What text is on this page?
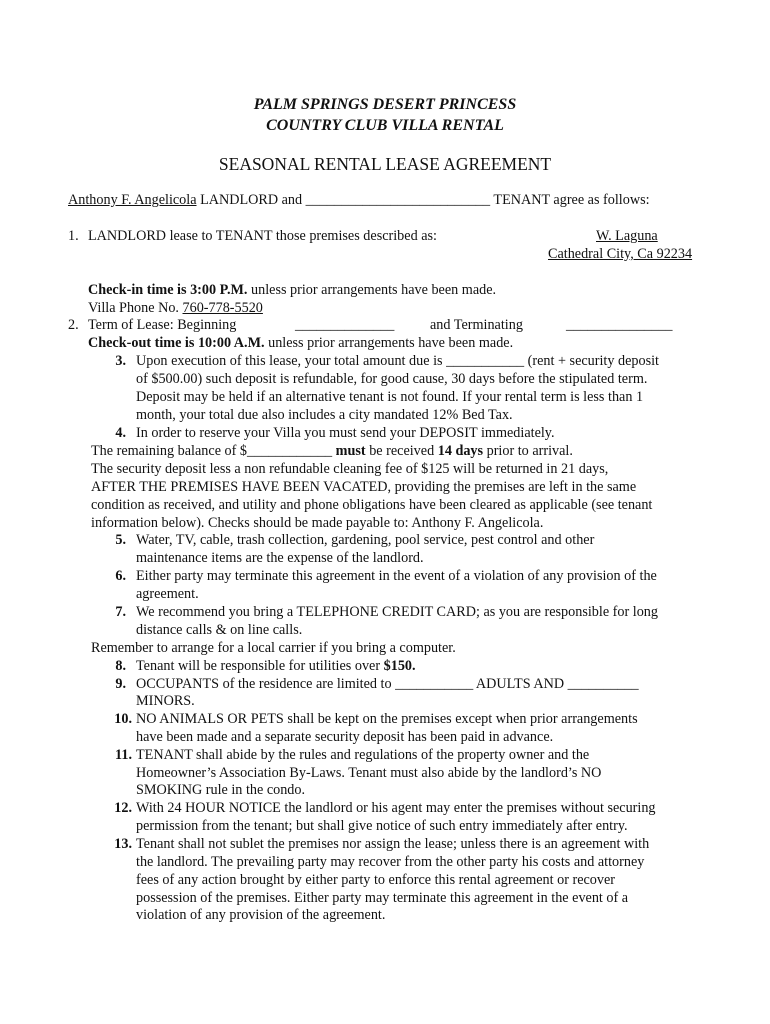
PALM SPRINGS DESERT PRINCESS
COUNTRY CLUB VILLA RENTAL
SEASONAL RENTAL LEASE AGREEMENT
Anthony F. Angelicola LANDLORD and __________________________ TENANT agree as follows:
1. LANDLORD lease to TENANT those premises described as:	W. Laguna
Cathedral City, Ca 92234
Check-in time is 3:00 P.M. unless prior arrangements have been made.
Villa Phone No. 760-778-5520
2. Term of Lease: Beginning	______________	and Terminating	_______________
Check-out time is 10:00 A.M. unless prior arrangements have been made.
3. Upon execution of this lease, your total amount due is ___________ (rent + security deposit
of $500.00) such deposit is refundable, for good cause, 30 days before the stipulated term.
Deposit may be held if an alternative tenant is not found. If your rental term is less than 1
month, your total due also includes a city mandated 12% Bed Tax.
4. In order to reserve your Villa you must send your DEPOSIT immediately.
The remaining balance of $____________ must be received 14 days prior to arrival.
The security deposit less a non refundable cleaning fee of $125 will be returned in 21 days,
AFTER THE PREMISES HAVE BEEN VACATED, providing the premises are left in the same
condition as received, and utility and phone obligations have been cleared as applicable (see tenant
information below). Checks should be made payable to: Anthony F. Angelicola.
5. Water, TV, cable, trash collection, gardening, pool service, pest control and other
maintenance items are the expense of the landlord.
6. Either party may terminate this agreement in the event of a violation of any provision of the
agreement.
7. We recommend you bring a TELEPHONE CREDIT CARD; as you are responsible for long
distance calls & on line calls.
Remember to arrange for a local carrier if you bring a computer.
8. Tenant will be responsible for utilities over $150.
9. OCCUPANTS of the residence are limited to ___________ ADULTS AND __________
MINORS.
10. NO ANIMALS OR PETS shall be kept on the premises except when prior arrangements
have been made and a separate security deposit has been paid in advance.
11. TENANT shall abide by the rules and regulations of the property owner and the
Homeowner’s Association By-Laws. Tenant must also abide by the landlord’s NO
SMOKING rule in the condo.
12. With 24 HOUR NOTICE the landlord or his agent may enter the premises without securing
permission from the tenant; but shall give notice of such entry immediately after entry.
13. Tenant shall not sublet the premises nor assign the lease; unless there is an agreement with
the landlord. The prevailing party may recover from the other party his costs and attorney
fees of any action brought by either party to enforce this rental agreement or recover
possession of the premises. Either party may terminate this agreement in the event of a
violation of any provision of the agreement.
